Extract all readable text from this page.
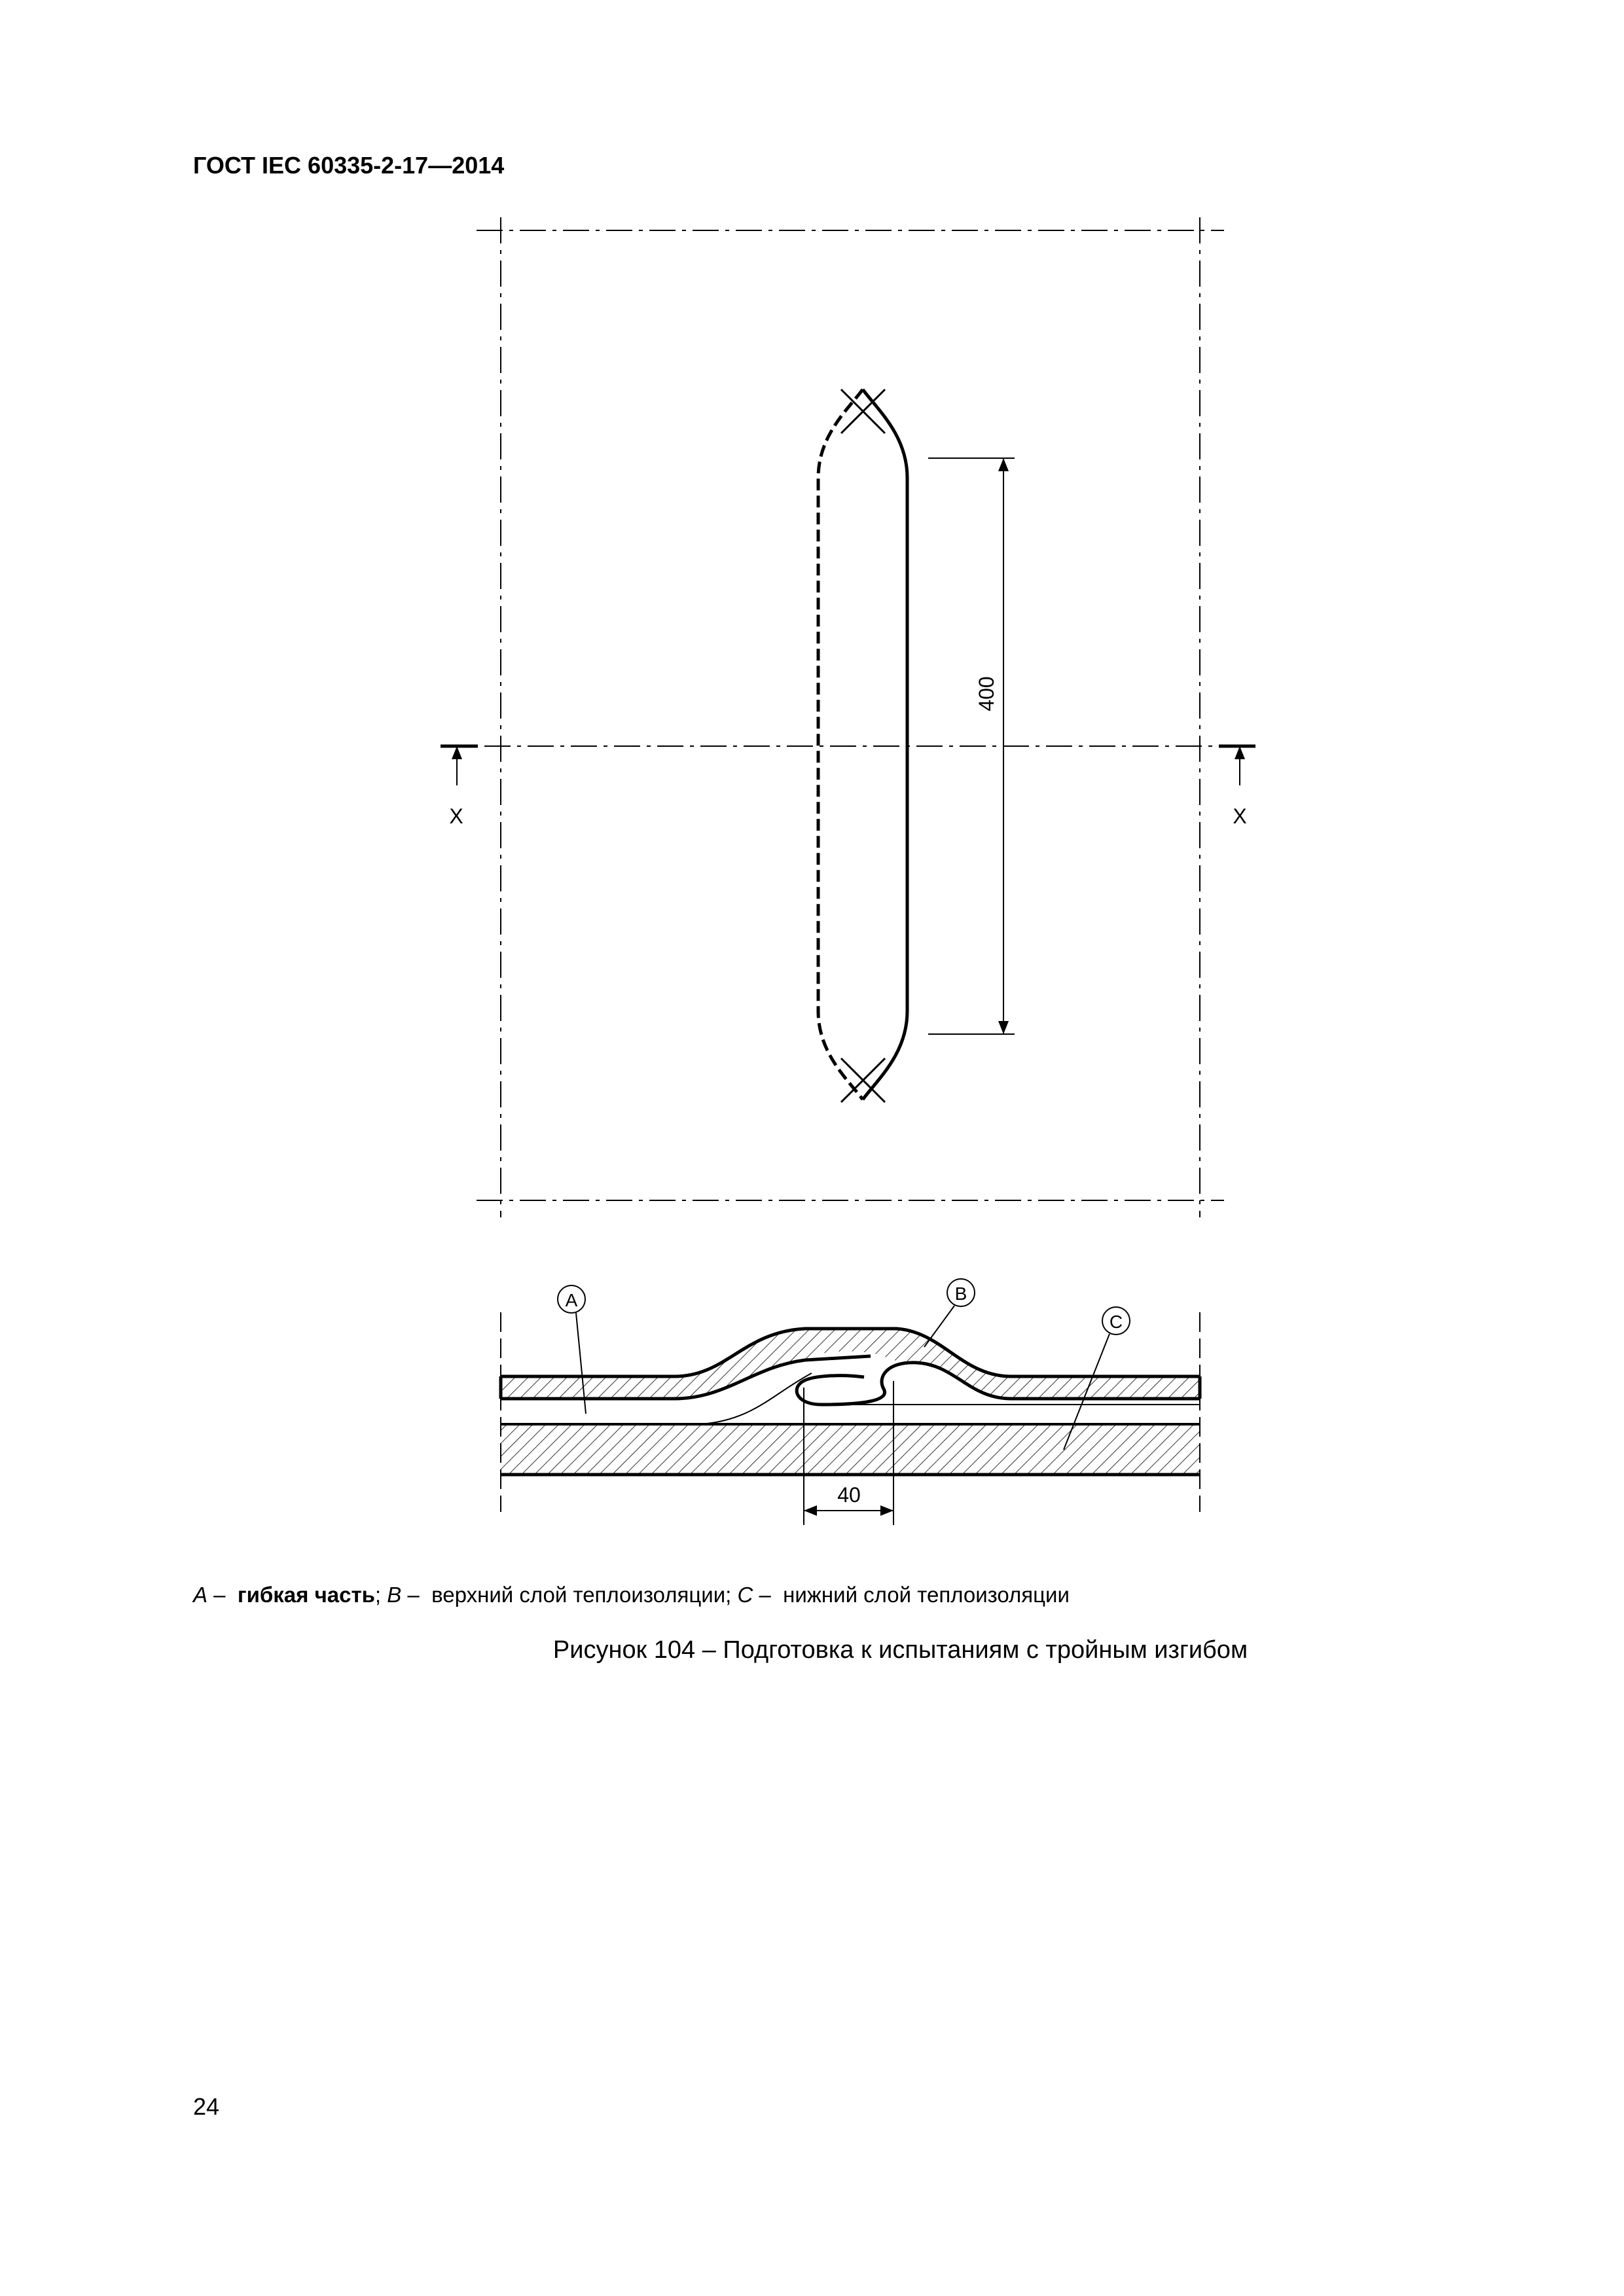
ГОСТ IEC 60335-2-17—2014
X	X
400
40
A	B
C
A –  гибкая часть; B –  верхний слой теплоизоляции; C –  нижний слой теплоизоляции
Рисунок 104 – Подготовка к испытаниям с тройным изгибом
24
